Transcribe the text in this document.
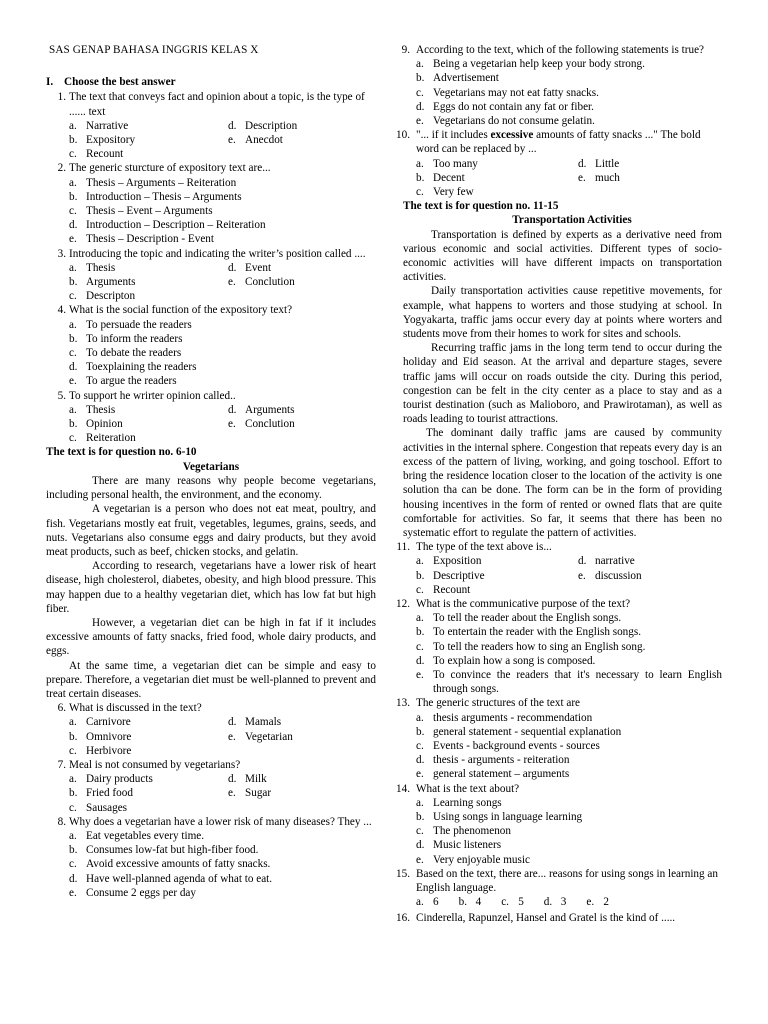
SAS GENAP BAHASA INGGRIS KELAS X
I. Choose the best answer
1. The text that conveys fact and opinion about a topic, is the type of ...... text
a. Narrative	d. Description
b. Expository	e. Anecdot
c. Recount
2. The generic sturcture of expository text are...
a. Thesis – Arguments – Reiteration
b. Introduction – Thesis – Arguments
c. Thesis – Event – Arguments
d. Introduction – Description – Reiteration
e. Thesis – Description - Event
3. Introducing the topic and indicating the writer’s position called ....
a. Thesis	d. Event
b. Arguments	e. Conclution
c. Descripton
4. What is the social function of the expository text?
a. To persuade the readers
b. To inform the readers
c. To debate the readers
d. Toexplaining the readers
e. To argue the readers
5. To support he wrirter opinion called..
a. Thesis	d. Arguments
b. Opinion	e. Conclution
c. Reiteration
The text is for question no. 6-10
Vegetarians
There are many reasons why people become vegetarians, including personal health, the environment, and the economy.
A vegetarian is a person who does not eat meat, poultry, and fish. Vegetarians mostly eat fruit, vegetables, legumes, grains, seeds, and nuts. Vegetarians also consume eggs and dairy products, but they avoid meat products, such as beef, chicken stocks, and gelatin.
According to research, vegetarians have a lower risk of heart disease, high cholesterol, diabetes, obesity, and high blood pressure. This may happen due to a healthy vegetarian diet, which has low fat but high fiber.
However, a vegetarian diet can be high in fat if it includes excessive amounts of fatty snacks, fried food, whole dairy products, and eggs.
At the same time, a vegetarian diet can be simple and easy to prepare. Therefore, a vegetarian diet must be well-planned to prevent and treat certain diseases.
6. What is discussed in the text?
a. Carnivore	d. Mamals
b. Omnivore	e. Vegetarian
c. Herbivore
7. Meal is not consumed by vegetarians?
a. Dairy products	d. Milk
b. Fried food	e. Sugar
c. Sausages
8. Why does a vegetarian have a lower risk of many diseases? They ...
a. Eat vegetables every time.
b. Consumes low-fat but high-fiber food.
c. Avoid excessive amounts of fatty snacks.
d. Have well-planned agenda of what to eat.
e. Consume 2 eggs per day
9. According to the text, which of the following statements is true?
a. Being a vegetarian help keep your body strong.
b. Advertisement
c. Vegetarians may not eat fatty snacks.
d. Eggs do not contain any fat or fiber.
e. Vegetarians do not consume gelatin.
10. "... if it includes excessive amounts of fatty snacks ..." The bold word can be replaced by ...
a. Too many	d. Little
b. Decent	e. much
c. Very few
The text is for question no. 11-15
Transportation Activities
Transportation is defined by experts as a derivative need from various economic and social activities. Different types of socio-economic activities will have different impacts on transportation activities.
Daily transportation activities cause repetitive movements, for example, what happens to worters and those studying at school. In Yogyakarta, traffic jams occur every day at points where worters and students move from their homes to work for sites and schools.
Recurring traffic jams in the long term tend to occur during the holiday and Eid season. At the arrival and departure stages, severe traffic jams will occur on roads outside the city. During this period, congestion can be felt in the city center as a place to stay and as a tourist destination (such as Malioboro, and Prawirotaman), as well as roads leading to tourist attractions.
The dominant daily traffic jams are caused by community activities in the internal sphere. Congestion that repeats every day is an excess of the pattern of living, working, and going toschool. Effort to bring the residence location closer to the location of the activity is one solution tha can be done. The form can be in the form of providing housing incentives in the form of rented or owned flats that are quite comfortable for activities. So far, it seems that there has been no systematic effort to regulate the pattern of activities.
11. The type of the text above is...
a. Exposition	d. narrative
b. Descriptive	e. discussion
c. Recount
12. What is the communicative purpose of the text?
a. To tell the reader about the English songs.
b. To entertain the reader with the English songs.
c. To tell the readers how to sing an English song.
d. To explain how a song is composed.
e. To convince the readers that it's necessary to learn English through songs.
13. The generic structures of the text are
a. thesis arguments - recommendation
b. general statement - sequential explanation
c. Events - background events - sources
d. thesis - arguments - reiteration
e. general statement – arguments
14. What is the text about?
a. Learning songs
b. Using songs in language learning
c. The phenomenon
d. Music listeners
e. Very enjoyable music
15. Based on the text, there are... reasons for using songs in learning an English language.
a. 6 b. 4 c. 5 d. 3 e. 2
16. Cinderella, Rapunzel, Hansel and Gratel is the kind of .....
